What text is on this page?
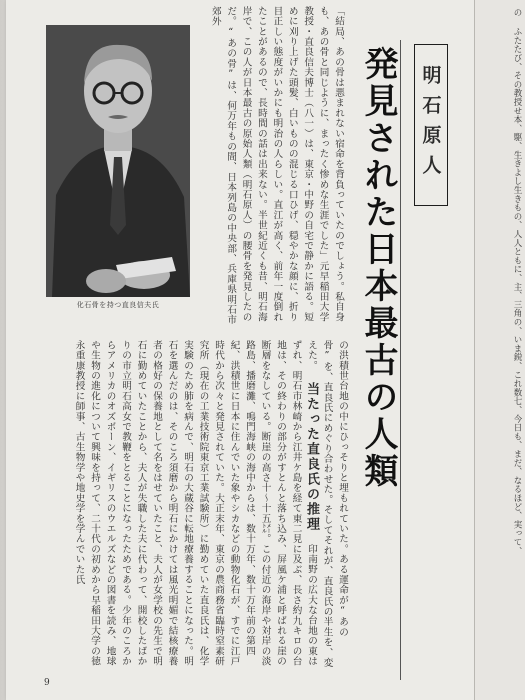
化石骨を持つ直良信夫氏	「結局、あの骨は悪まれない宿命を背負っていたのでしょう。私自身も、あの骨と同じように、まったく惨めな生涯でした」元早稲田大学教授・直良信夫博士（八一）は、東京・中野の自宅で静かに語る。短めに刈り上げた頭髪、白いものの混じる口ひげ、穏やかな顔に、折り目正しい態度がいかにも明治の人らしい。直江が高く、前年一度倒れたことがあるので、長時間の話は出来ない。半世紀近くも昔、明石海岸で、この人が日本最古の原始人類（明石原人）の腰骨を発見したのだ。“あの骨”は、何万年もの間、日本列島の中央部、兵庫県明石市郊外
明石原人
発見された日本最古の人類
の洪積世台地の中にひっそりと埋もれていた。ある運命が“あの骨”を、直良氏にめぐり合わせた。そしてそれが、直良氏の半生を、変えた。 当たった直良氏の推理 印南野の広大な台地の東はずれ、明石市林崎から江井ケ島を経て東二見に及ぶ、長さ約九キロの台地は、その終わりの部分がすとんと落ち込み、屏風ケ浦と呼ばれる崖の断層をなしている。断崖の高さ十〜十五㍍。この付近の海岸や対岸の淡路島、播磨灘、鳴門海峡の海中からは、数十万年、数十万年前の第四紀、洪積世に日本に住んでいた象やシカなどの動物化石が、すでに江戸時代から次々と発見されていた。大正末年、東京の農商務省臨時窒素研究所（現在の工業技術院東京工業試験所）に勤めていた直良氏は、化学実験のため肺を病んで、明石の大蔵谷に転地療養することになった。明石を選んだのは、そのころ須磨から明石にかけては風光明媚で結核療養者の格好の保養地として名をはせていたこと、夫人が女学校の先生で明石に勤めていたことから、夫人が失職した夫に代わって、開校したばかりの市立明石高女で教鞭をとることになったためである。少年のころからアメリカのオズボーン、イギリスのウエルズなどの図書を読み、地球や生物の進化について興味を持って、二十代の初めから早稲田大学の徳永重康教授に師事、古生物学や地史学を学んでいた氏
9
の ふたたび、その教授せ本、駆、生きよし生きもの、人人ともに、主、三角の、いま鋭、これ数七、今日も、まだ、なるほど、実って、
